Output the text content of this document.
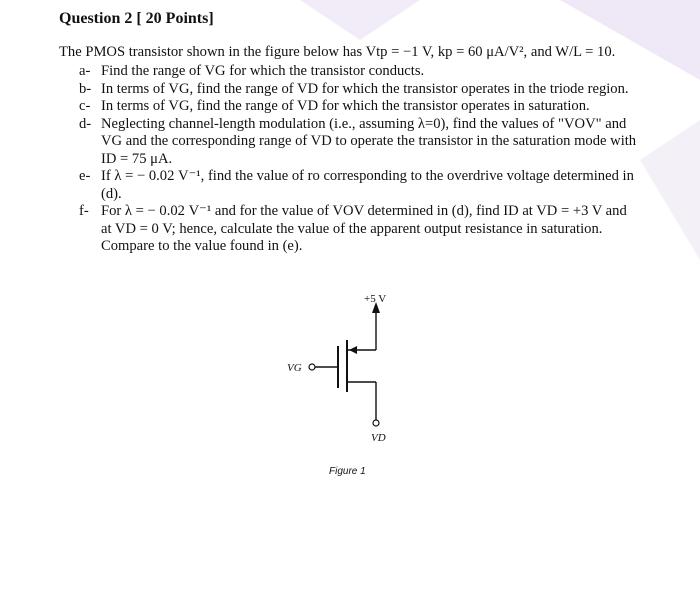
Question 2 [ 20 Points]
The PMOS transistor shown in the figure below has Vtp = −1 V, kp = 60 μA/V², and W/L = 10.
a- Find the range of VG for which the transistor conducts.
b- In terms of VG, find the range of VD for which the transistor operates in the triode region.
c- In terms of VG, find the range of VD for which the transistor operates in saturation.
d- Neglecting channel-length modulation (i.e., assuming λ=0), find the values of "VOV" and VG and the corresponding range of VD to operate the transistor in the saturation mode with ID = 75 μA.
e- If λ = − 0.02 V⁻¹, find the value of ro corresponding to the overdrive voltage determined in (d).
f- For λ = − 0.02 V⁻¹ and for the value of VOV determined in (d), find ID at VD = +3 V and at VD = 0 V; hence, calculate the value of the apparent output resistance in saturation. Compare to the value found in (e).
+5 V
VG
VD
Figure 1
